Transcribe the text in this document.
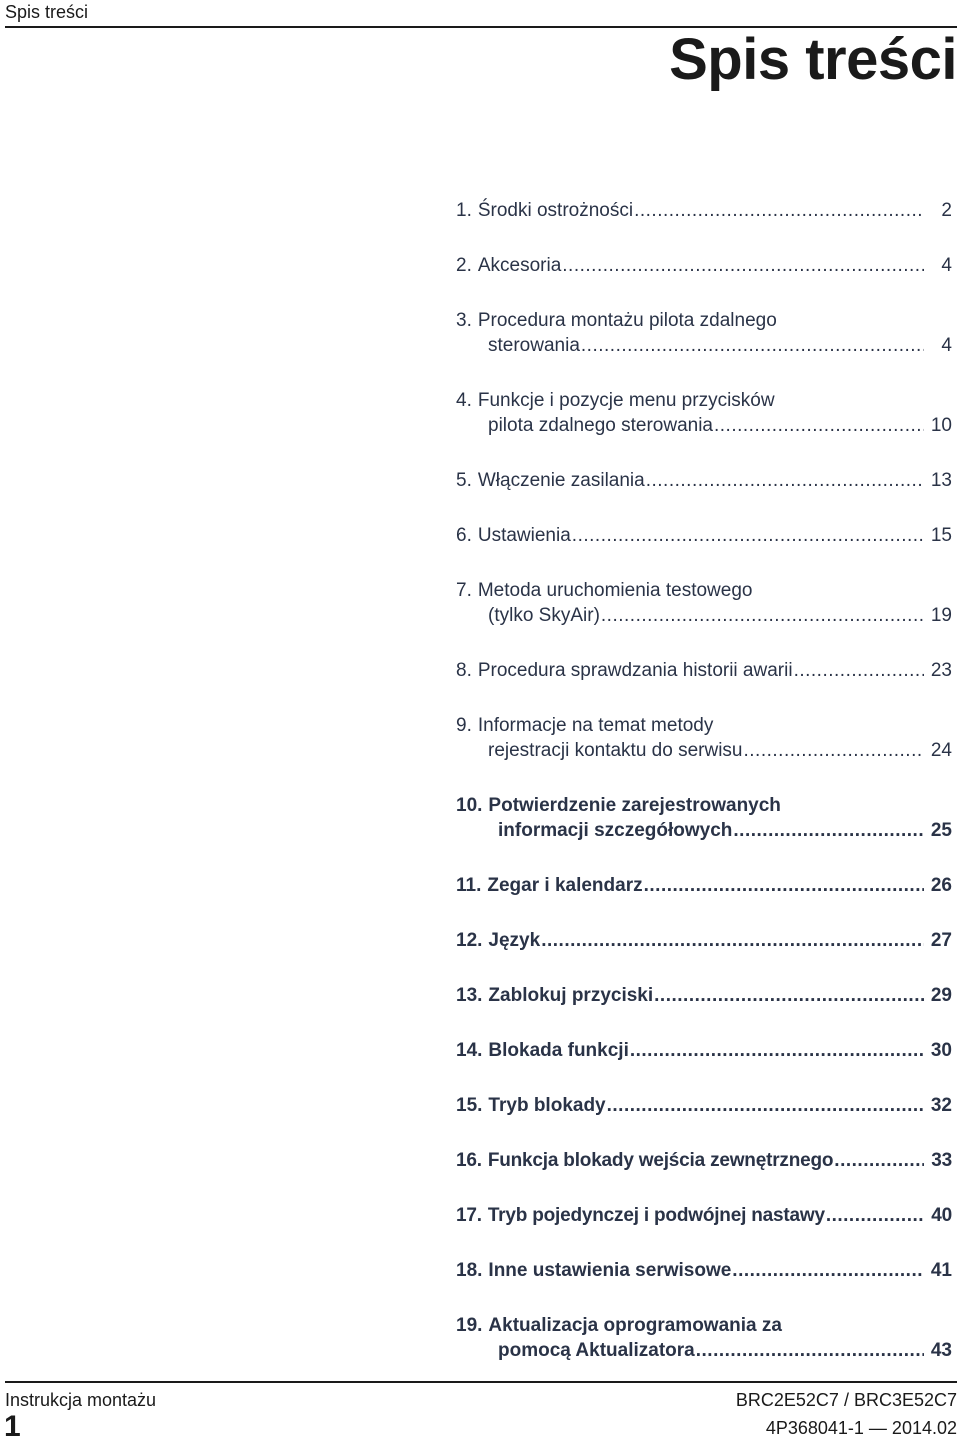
Spis treści
Spis treści
1. Środki ostrożności .....	2
2. Akcesoria .....	4
3. Procedura montażu pilota zdalnego
sterowania .....	4
4. Funkcje i pozycje menu przycisków
pilota zdalnego sterowania .....	10
5. Włączenie zasilania .....	13
6. Ustawienia .....	15
7. Metoda uruchomienia testowego
(tylko SkyAir) .....	19
8. Procedura sprawdzania historii awarii .....	23
9. Informacje na temat metody
rejestracji kontaktu do serwisu .....	24
10. Potwierdzenie zarejestrowanych
informacji szczegółowych .....	25
11. Zegar i kalendarz .....	26
12. Język .....	27
13. Zablokuj przyciski .....	29
14. Blokada funkcji .....	30
15. Tryb blokady .....	32
16. Funkcja blokady wejścia zewnętrznego .....	33
17. Tryb pojedynczej i podwójnej nastawy .....	40
18. Inne ustawienia serwisowe .....	41
19. Aktualizacja oprogramowania za
pomocą Aktualizatora .....	43
Instrukcja montażu
1
BRC2E52C7 / BRC3E52C7
4P368041-1 — 2014.02
